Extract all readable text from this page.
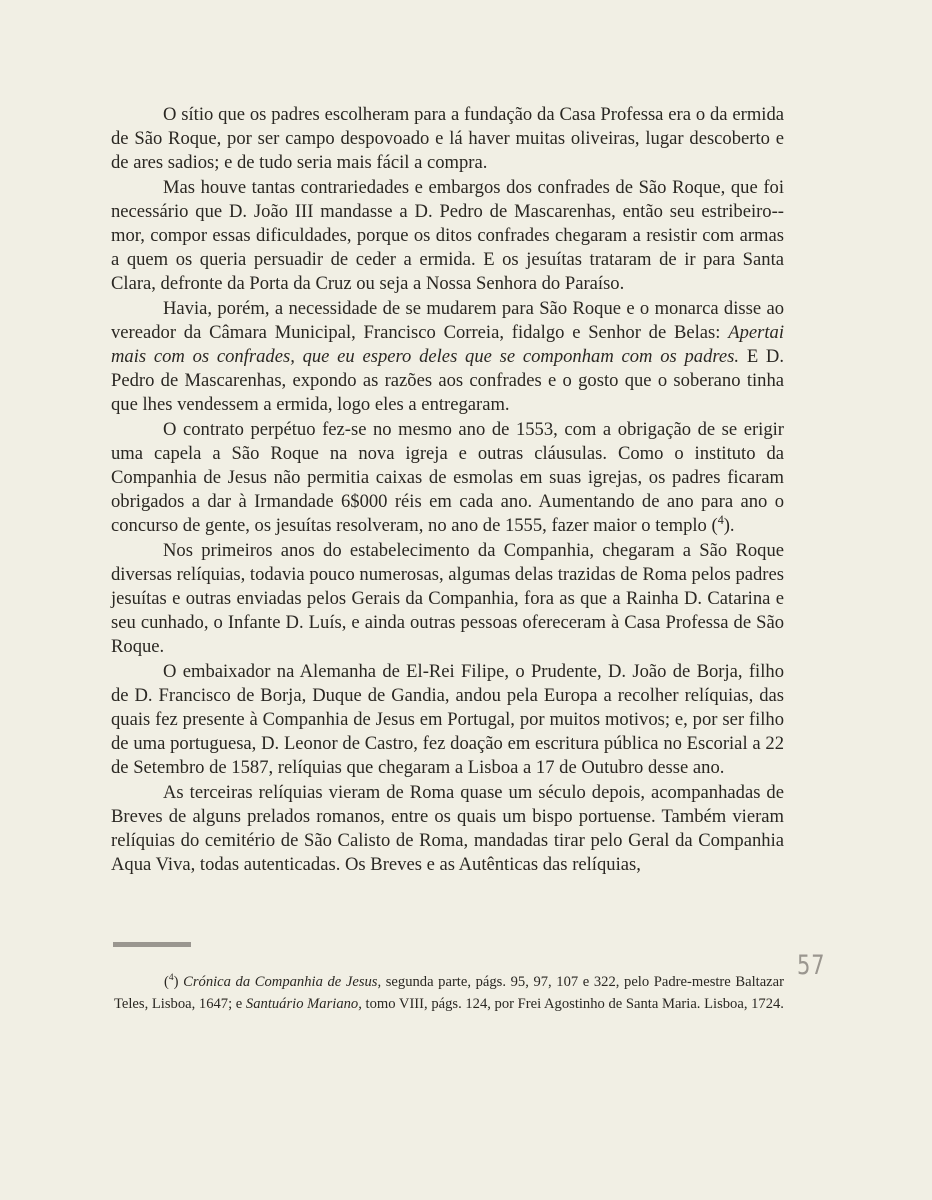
O sítio que os padres escolheram para a fundação da Casa Professa era o da ermida de São Roque, por ser campo despovoado e lá haver muitas oliveiras, lugar descoberto e de ares sadios; e de tudo seria mais fácil a compra.

Mas houve tantas contrariedades e embargos dos confrades de São Roque, que foi necessário que D. João III mandasse a D. Pedro de Mascarenhas, então seu estribeiro--mor, compor essas dificuldades, porque os ditos confrades chegaram a resistir com armas a quem os queria persuadir de ceder a ermida. E os jesuítas trataram de ir para Santa Clara, defronte da Porta da Cruz ou seja a Nossa Senhora do Paraíso.

Havia, porém, a necessidade de se mudarem para São Roque e o monarca disse ao vereador da Câmara Municipal, Francisco Correia, fidalgo e Senhor de Belas: Apertai mais com os confrades, que eu espero deles que se componham com os padres. E D. Pedro de Mascarenhas, expondo as razões aos confrades e o gosto que o soberano tinha que lhes vendessem a ermida, logo eles a entregaram.

O contrato perpétuo fez-se no mesmo ano de 1553, com a obrigação de se erigir uma capela a São Roque na nova igreja e outras cláusulas. Como o instituto da Companhia de Jesus não permitia caixas de esmolas em suas igrejas, os padres ficaram obrigados a dar à Irmandade 6$000 réis em cada ano. Aumentando de ano para ano o concurso de gente, os jesuítas resolveram, no ano de 1555, fazer maior o templo ($^4$).

Nos primeiros anos do estabelecimento da Companhia, chegaram a São Roque diversas relíquias, todavia pouco numerosas, algumas delas trazidas de Roma pelos padres jesuítas e outras enviadas pelos Gerais da Companhia, fora as que a Rainha D. Catarina e seu cunhado, o Infante D. Luís, e ainda outras pessoas ofereceram à Casa Professa de São Roque.

O embaixador na Alemanha de El-Rei Filipe, o Prudente, D. João de Borja, filho de D. Francisco de Borja, Duque de Gandia, andou pela Europa a recolher relíquias, das quais fez presente à Companhia de Jesus em Portugal, por muitos motivos; e, por ser filho de uma portuguesa, D. Leonor de Castro, fez doação em escritura pública no Escorial a 22 de Setembro de 1587, relíquias que chegaram a Lisboa a 17 de Outubro desse ano.

As terceiras relíquias vieram de Roma quase um século depois, acompanhadas de Breves de alguns prelados romanos, entre os quais um bispo portuense. Também vieram relíquias do cemitério de São Calisto de Roma, mandadas tirar pelo Geral da Companhia Aqua Viva, todas autenticadas. Os Breves e as Autênticas das relíquias,

57

($^4$) Crónica da Companhia de Jesus, segunda parte, págs. 95, 97, 107 e 322, pelo Padre-mestre Baltazar Teles, Lisboa, 1647; e Santuário Mariano, tomo VIII, págs. 124, por Frei Agostinho de Santa Maria. Lisboa, 1724.
